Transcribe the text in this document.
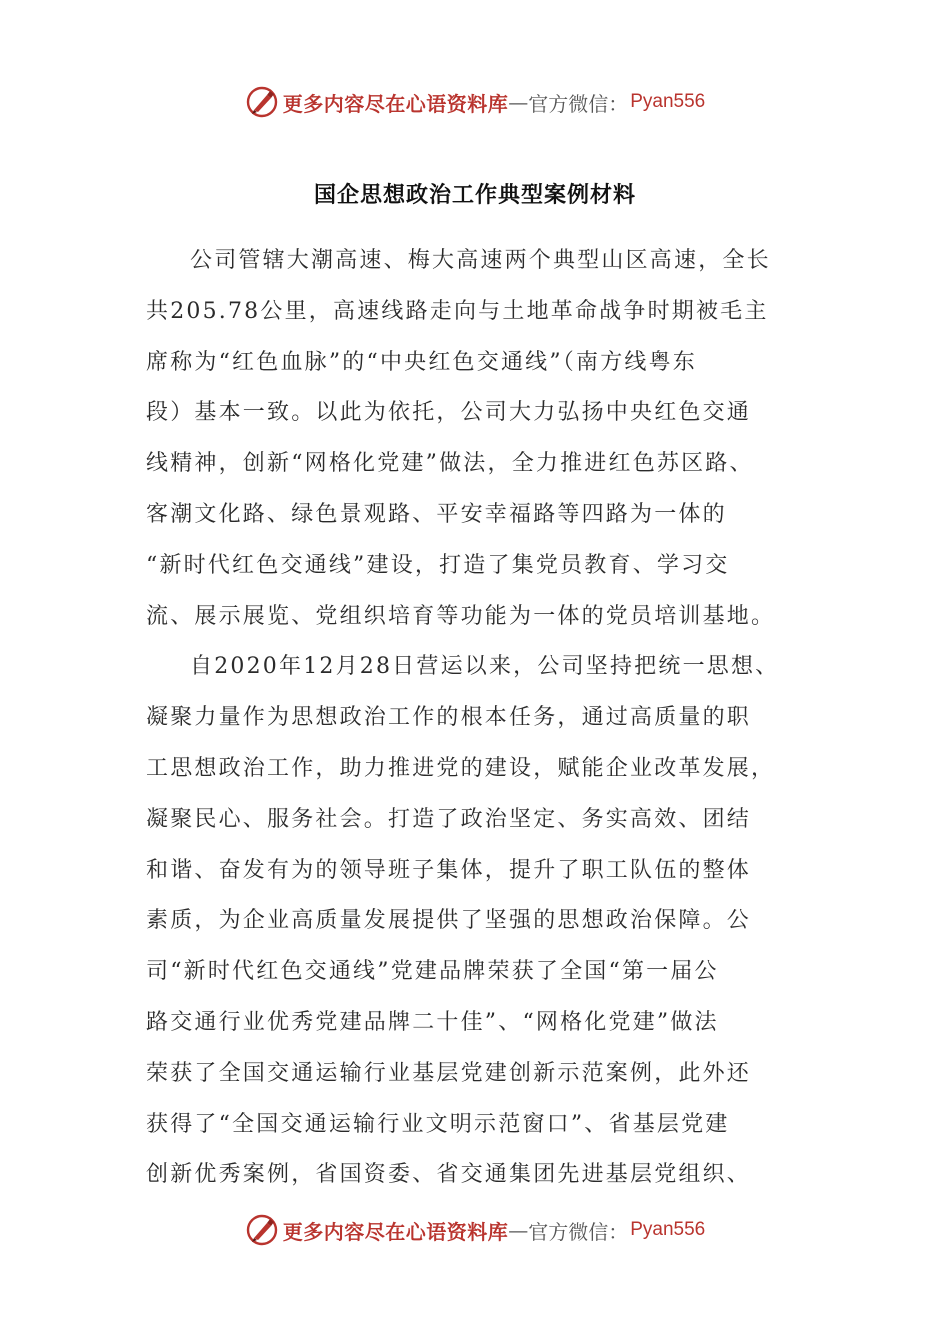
更多内容尽在心语资料库 — 官方微信： Pyan556
国企思想政治工作典型案例材料

公司管辖大潮高速、梅大高速两个典型山区高速，全长
共205.78公里，高速线路走向与土地革命战争时期被毛主
席称为“红色血脉”的“中央红色交通线”（南方线粤东
段）基本一致。以此为依托，公司大力弘扬中央红色交通
线精神，创新“网格化党建”做法，全力推进红色苏区路、
客潮文化路、绿色景观路、平安幸福路等四路为一体的
“新时代红色交通线”建设，打造了集党员教育、学习交
流、展示展览、党组织培育等功能为一体的党员培训基地。

自2020年12月28日营运以来，公司坚持把统一思想、
凝聚力量作为思想政治工作的根本任务，通过高质量的职
工思想政治工作，助力推进党的建设，赋能企业改革发展，
凝聚民心、服务社会。打造了政治坚定、务实高效、团结
和谐、奋发有为的领导班子集体，提升了职工队伍的整体
素质，为企业高质量发展提供了坚强的思想政治保障。公
司“新时代红色交通线”党建品牌荣获了全国“第一届公
路交通行业优秀党建品牌二十佳”、“网格化党建”做法
荣获了全国交通运输行业基层党建创新示范案例，此外还
获得了“全国交通运输行业文明示范窗口”、省基层党建
创新优秀案例，省国资委、省交通集团先进基层党组织、

更多内容尽在心语资料库 — 官方微信： Pyan556
